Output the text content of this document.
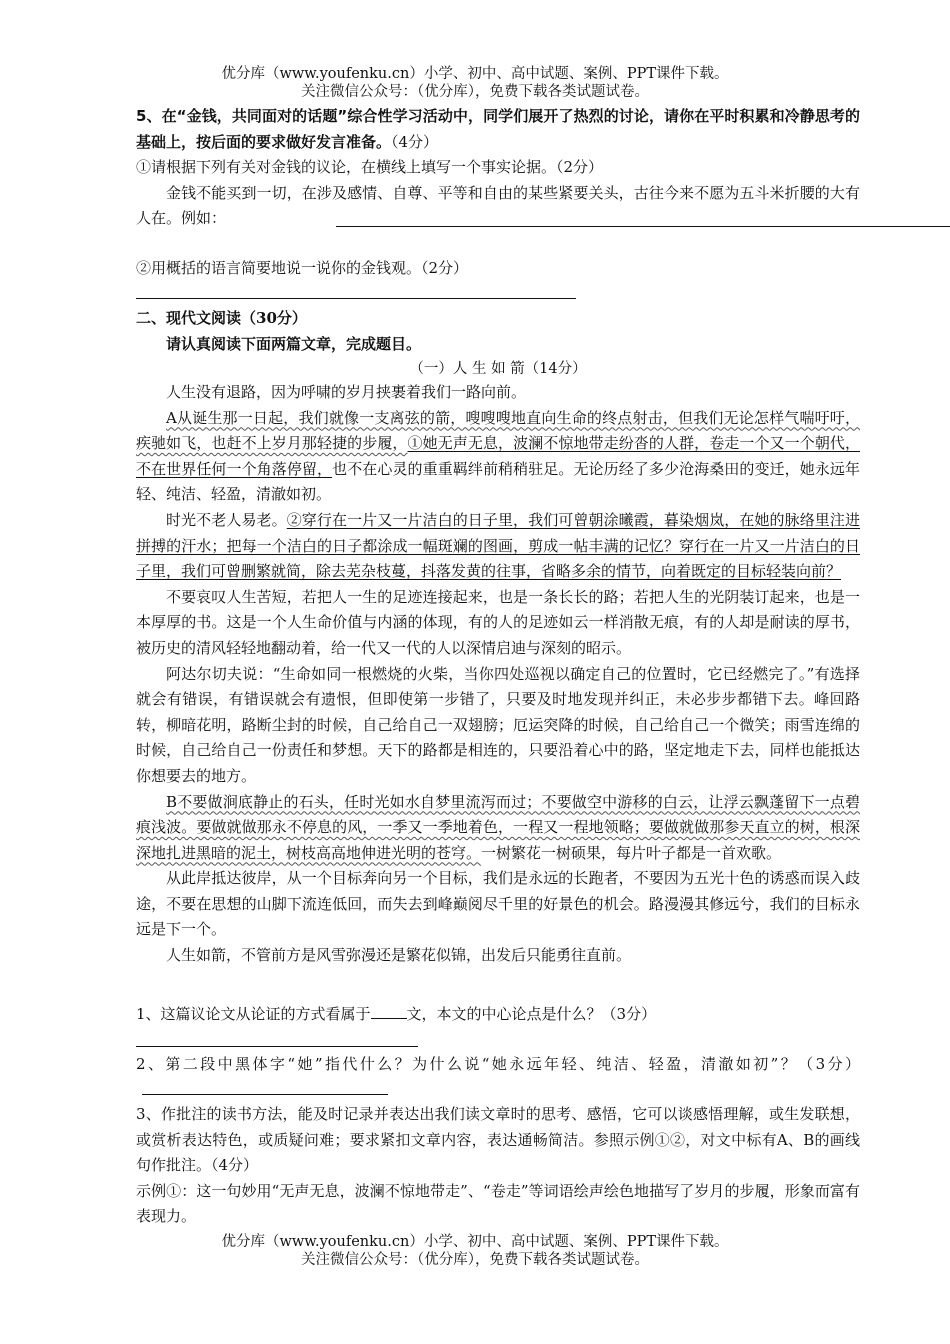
优分库（www.youfenku.cn）小学、初中、高中试题、案例、PPT课件下载。
关注微信公众号：（优分库），免费下载各类试题试卷。

5、在“金钱，共同面对的话题”综合性学习活动中，同学们展开了热烈的讨论，请你在平时积累和冷静思考的基础上，按后面的要求做好发言准备。（4分）

①请根据下列有关对金钱的议论，在横线上填写一个事实论据。（2分）

金钱不能买到一切，在涉及感情、自尊、平等和自由的某些紧要关头，古往今来不愿为五斗米折腰的大有人在。例如：

②用概括的语言简要地说一说你的金钱观。（2分）

二、现代文阅读（30分）

请认真阅读下面两篇文章，完成题目。

（一）人 生 如 箭（14分）

人生没有退路，因为呼啸的岁月挟裹着我们一路向前。

A从诞生那一日起，我们就像一支离弦的箭，嗖嗖嗖地直向生命的终点射击，但我们无论怎样气喘吁吁，疾驰如飞，也赶不上岁月那轻捷的步履，①她无声无息，波澜不惊地带走纷沓的人群，卷走一个又一个朝代，不在世界任何一个角落停留，也不在心灵的重重羁绊前稍稍驻足。无论历经了多少沧海桑田的变迁，她永远年轻、纯洁、轻盈，清澈如初。

时光不老人易老。②穿行在一片又一片洁白的日子里，我们可曾朝涂曦霞，暮染烟岚，在她的脉络里注进拼搏的汗水；把每一个洁白的日子都涂成一幅斑斓的图画，剪成一帖丰满的记忆？穿行在一片又一片洁白的日子里，我们可曾删繁就简，除去芜杂枝蔓，抖落发黄的往事，省略多余的情节，向着既定的目标轻装向前？

不要哀叹人生苦短，若把人一生的足迹连接起来，也是一条长长的路；若把人生的光阴装订起来，也是一本厚厚的书。这是一个人生命价值与内涵的体现，有的人的足迹如云一样消散无痕，有的人却是耐读的厚书，被历史的清风轻轻地翻动着，给一代又一代的人以深情启迪与深刻的昭示。

阿达尔切夫说：“生命如同一根燃烧的火柴，当你四处巡视以确定自己的位置时，它已经燃完了。”有选择就会有错误，有错误就会有遗恨，但即使第一步错了，只要及时地发现并纠正，未必步步都错下去。峰回路转，柳暗花明，路断尘封的时候，自己给自己一双翅膀；厄运突降的时候，自己给自己一个微笑；雨雪连绵的时候，自己给自己一份责任和梦想。天下的路都是相连的，只要沿着心中的路，坚定地走下去，同样也能抵达你想要去的地方。

B不要做涧底静止的石头，任时光如水自梦里流泻而过；不要做空中游移的白云，让浮云飘蓬留下一点碧痕浅波。要做就做那永不停息的风，一季又一季地着色，一程又一程地领略；要做就做那参天直立的树，根深深地扎进黑暗的泥土，树枝高高地伸进光明的苍穹。一树繁花一树硕果，每片叶子都是一首欢歌。

从此岸抵达彼岸，从一个目标奔向另一个目标，我们是永远的长跑者，不要因为五光十色的诱惑而误入歧途，不要在思想的山脚下流连低回，而失去到峰巅阅尽千里的好景色的机会。路漫漫其修远兮，我们的目标永远是下一个。

人生如箭，不管前方是风雪弥漫还是繁花似锦，出发后只能勇往直前。

1、这篇议论文从论证的方式看属于 文，本文的中心论点是什么？（3分）

2、第二段中黑体字“她”指代什么？为什么说“她永远年轻、纯洁、轻盈，清澈如初”？（3分）

3、作批注的读书方法，能及时记录并表达出我们读文章时的思考、感悟，它可以谈感悟理解，或生发联想，或赏析表达特色，或质疑问难；要求紧扣文章内容，表达通畅简洁。参照示例①②，对文中标有A、B的画线句作批注。（4分）

示例①：这一句妙用“无声无息，波澜不惊地带走”、“卷走”等词语绘声绘色地描写了岁月的步履，形象而富有表现力。

优分库（www.youfenku.cn）小学、初中、高中试题、案例、PPT课件下载。
关注微信公众号：（优分库），免费下载各类试题试卷。
